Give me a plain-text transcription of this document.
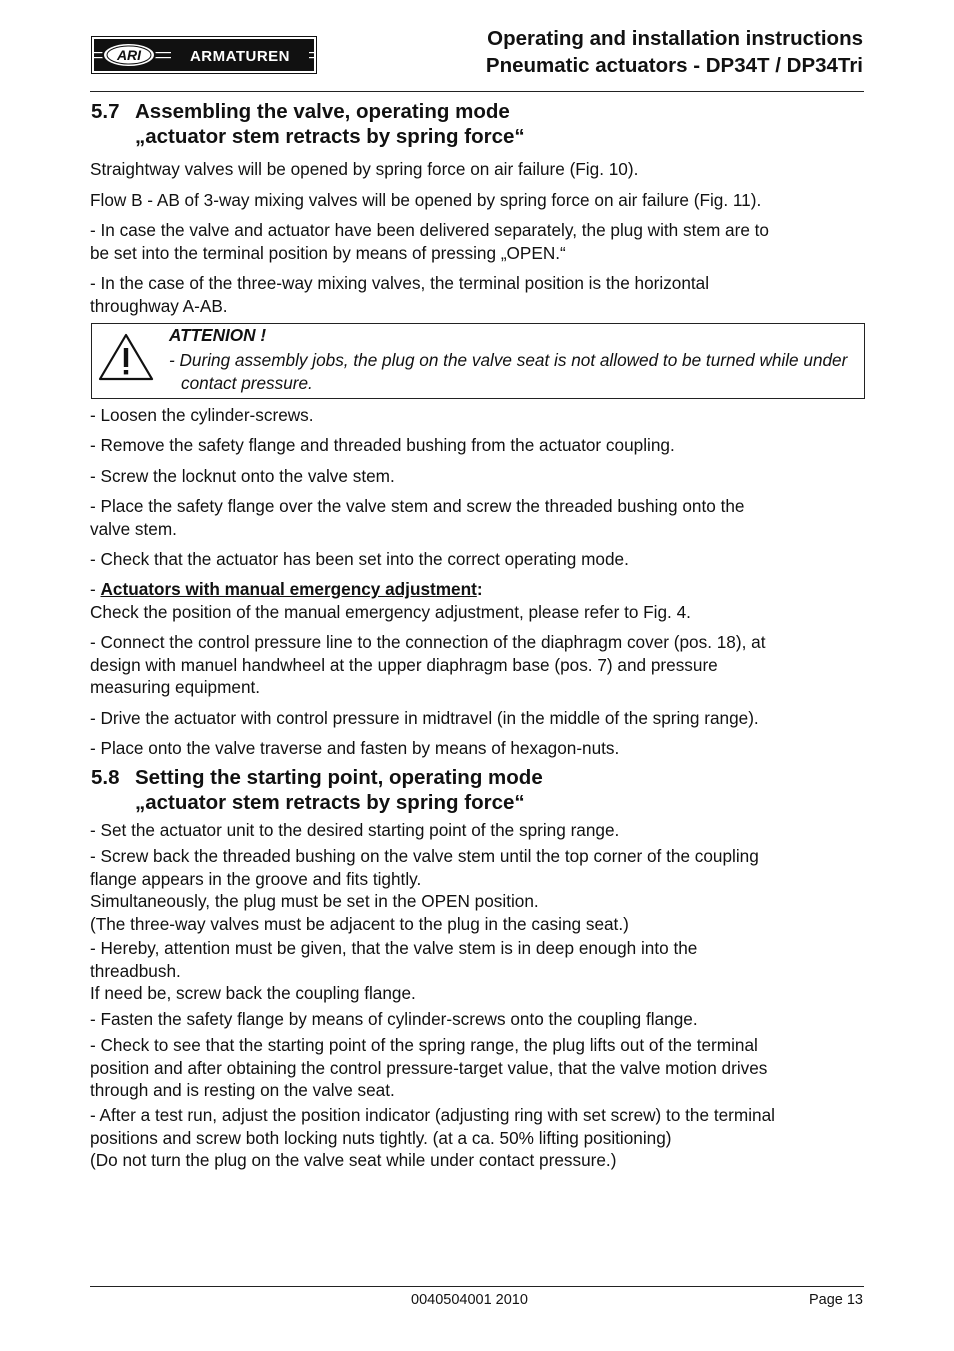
ARI	ARMATUREN
Operating and installation instructions
Pneumatic actuators - DP34T / DP34Tri
5.7 Assembling the valve, operating mode
„actuator stem retracts by spring force“
Straightway valves will be opened by spring force on air failure (Fig. 10).
Flow B - AB of 3-way mixing valves will be opened by spring force on air failure (Fig. 11).
- In case the valve and actuator have been delivered separately, the plug with stem are to
be set into the terminal position by means of pressing „OPEN.“
- In the case of the three-way mixing valves, the terminal position is the horizontal
throughway A-AB.
ATTENION !
- During assembly jobs, the plug on the valve seat is not allowed to be turned while under contact pressure.
- Loosen the cylinder-screws.
- Remove the safety flange and threaded bushing from the actuator coupling.
- Screw the locknut onto the valve stem.
- Place the safety flange over the valve stem and screw the threaded bushing onto the
valve stem.
- Check that the actuator has been set into the correct operating mode.
- Actuators with manual emergency adjustment:
Check the position of the manual emergency adjustment, please refer to Fig. 4.
- Connect the control pressure line to the connection of the diaphragm cover (pos. 18), at
design with manuel handwheel at the upper diaphragm base (pos. 7) and pressure
measuring equipment.
- Drive the actuator with control pressure in midtravel (in the middle of the spring range).
- Place onto the valve traverse and fasten by means of hexagon-nuts.
5.8 Setting the starting point, operating mode
„actuator stem retracts by spring force“
- Set the actuator unit to the desired starting point of the spring range.
- Screw back the threaded bushing on the valve stem until the top corner of the coupling
flange appears in the groove and fits tightly.
Simultaneously, the plug must be set in the OPEN position.
(The three-way valves must be adjacent to the plug in the casing seat.)
- Hereby, attention must be given, that the valve stem is in deep enough into the
threadbush.
If need be, screw back the coupling flange.
- Fasten the safety flange by means of cylinder-screws onto the coupling flange.
- Check to see that the starting point of the spring range, the plug lifts out of the terminal
position and after obtaining the control pressure-target value, that the valve motion drives
through and is resting on the valve seat.
- After a test run, adjust the position indicator (adjusting ring with set screw) to the terminal
positions and screw both locking nuts tightly. (at a ca. 50% lifting positioning)
(Do not turn the plug on the valve seat while under contact pressure.)
0040504001 2010	Page 13
